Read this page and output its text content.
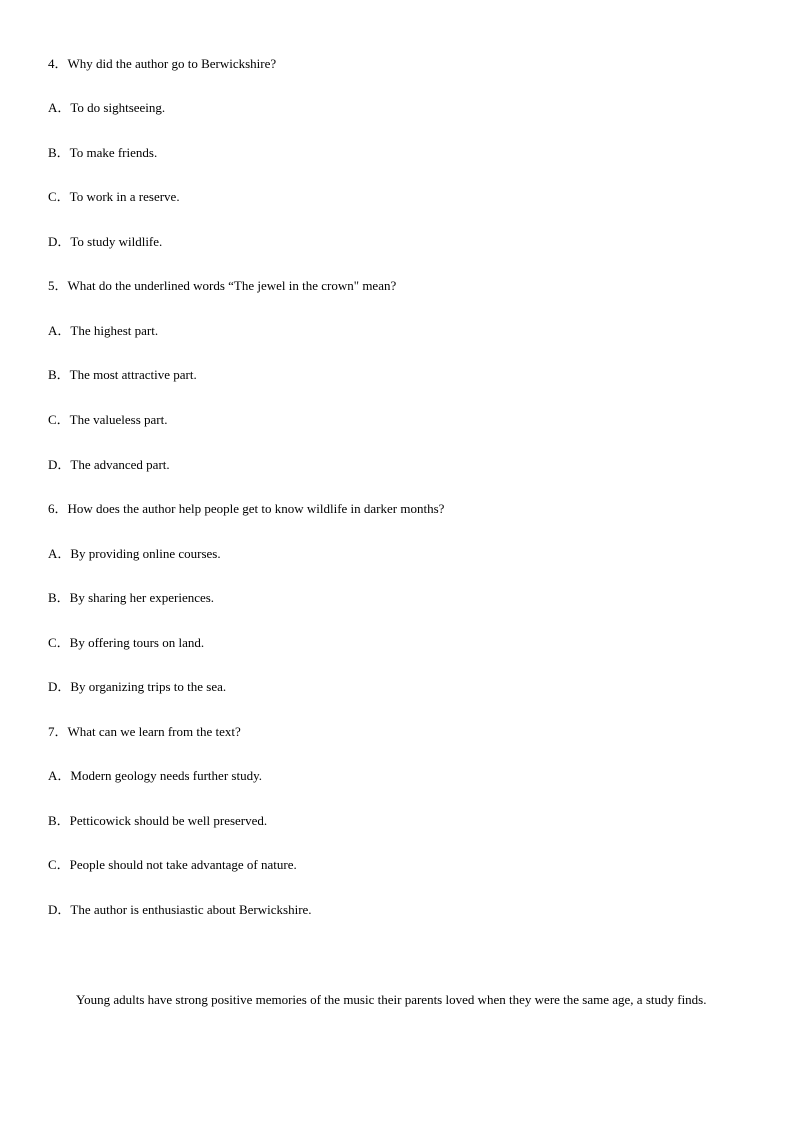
4．Why did the author go to Berwickshire?
A．To do sightseeing.
B．To make friends.
C．To work in a reserve.
D．To study wildlife.
5．What do the underlined words “The jewel in the crown" mean?
A．The highest part.
B．The most attractive part.
C．The valueless part.
D．The advanced part.
6．How does the author help people get to know wildlife in darker months?
A．By providing online courses.
B．By sharing her experiences.
C．By offering tours on land.
D．By organizing trips to the sea.
7．What can we learn from the text?
A．Modern geology needs further study.
B．Petticowick should be well preserved.
C．People should not take advantage of nature.
D．The author is enthusiastic about Berwickshire.
Young adults have strong positive memories of the music their parents loved when they were the same age, a study finds.
